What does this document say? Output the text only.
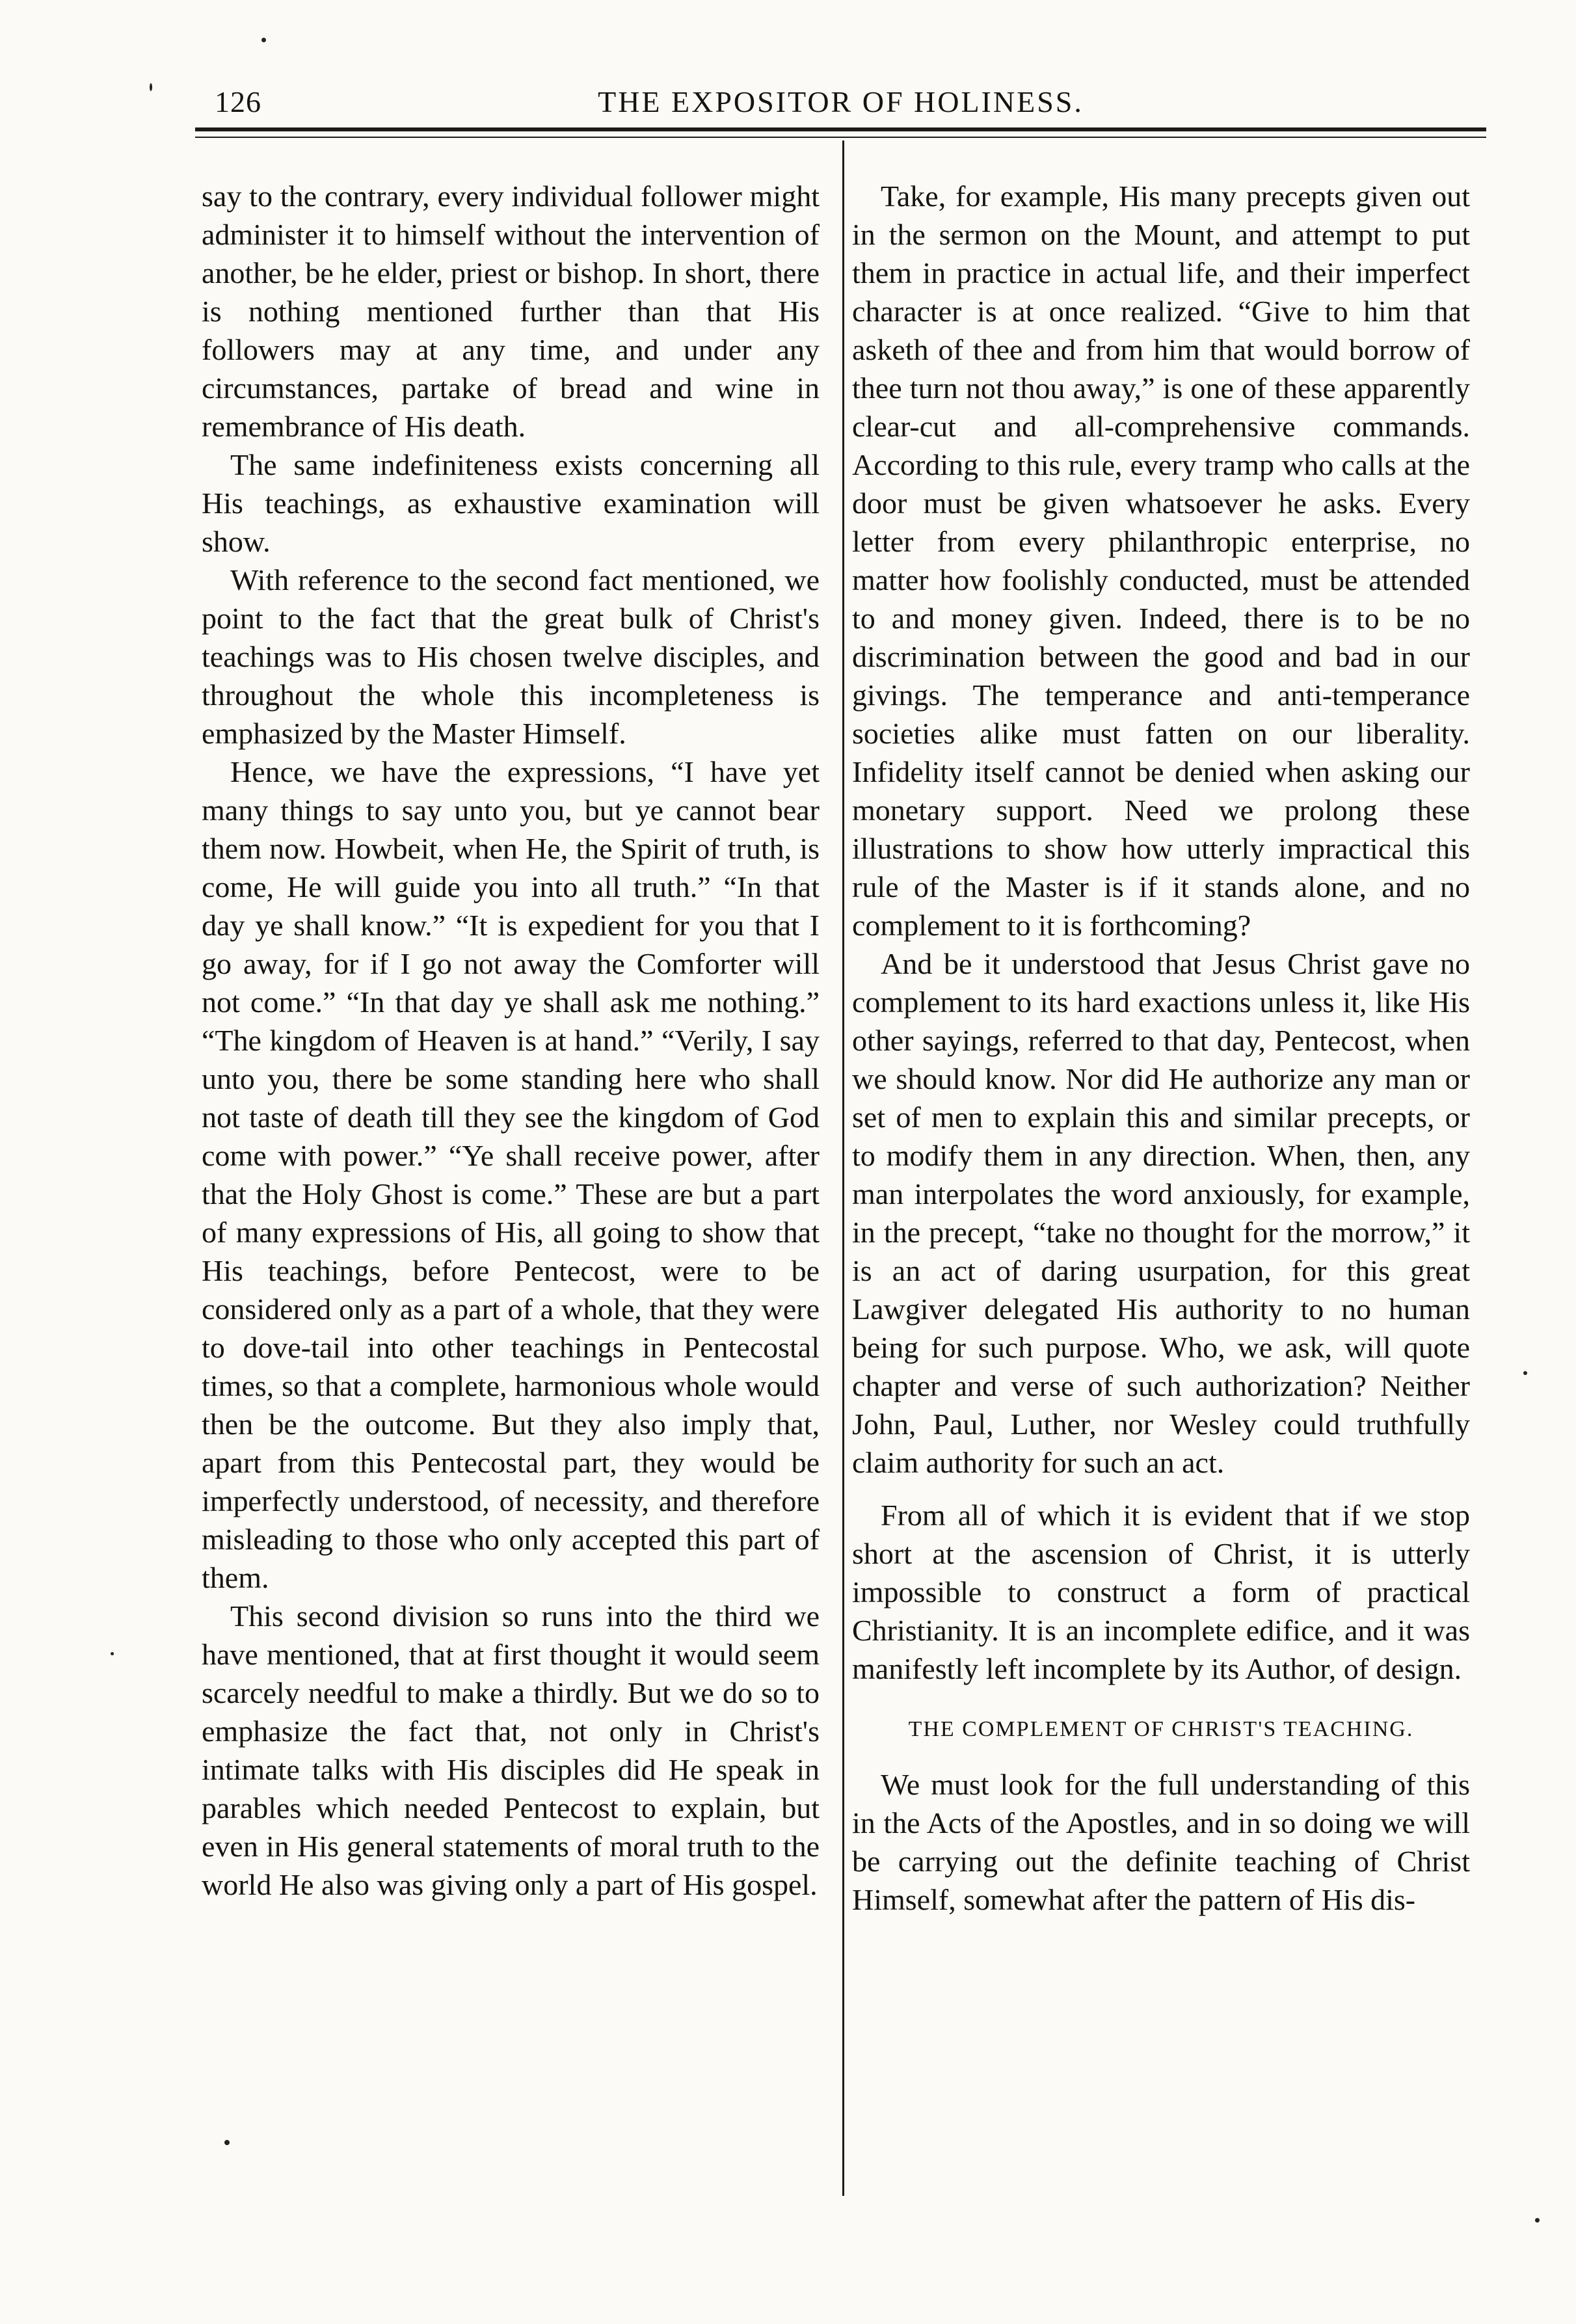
126	THE EXPOSITOR OF HOLINESS.

say to the contrary, every individual follower might administer it to himself without the intervention of another, be he elder, priest or bishop. In short, there is nothing mentioned further than that His followers may at any time, and under any circumstances, partake of bread and wine in remembrance of His death.

The same indefiniteness exists concerning all His teachings, as exhaustive examination will show.

With reference to the second fact mentioned, we point to the fact that the great bulk of Christ's teachings was to His chosen twelve disciples, and throughout the whole this incompleteness is emphasized by the Master Himself.

Hence, we have the expressions, “I have yet many things to say unto you, but ye cannot bear them now. Howbeit, when He, the Spirit of truth, is come, He will guide you into all truth.” “In that day ye shall know.” “It is expedient for you that I go away, for if I go not away the Comforter will not come.” “In that day ye shall ask me nothing.” “The kingdom of Heaven is at hand.” “Verily, I say unto you, there be some standing here who shall not taste of death till they see the kingdom of God come with power.” “Ye shall receive power, after that the Holy Ghost is come.” These are but a part of many expressions of His, all going to show that His teachings, before Pentecost, were to be considered only as a part of a whole, that they were to dove-tail into other teachings in Pentecostal times, so that a complete, harmonious whole would then be the outcome. But they also imply that, apart from this Pentecostal part, they would be imperfectly understood, of necessity, and therefore misleading to those who only accepted this part of them.

This second division so runs into the third we have mentioned, that at first thought it would seem scarcely needful to make a thirdly. But we do so to emphasize the fact that, not only in Christ's intimate talks with His disciples did He speak in parables which needed Pentecost to explain, but even in His general statements of moral truth to the world He also was giving only a part of His gospel.

Take, for example, His many precepts given out in the sermon on the Mount, and attempt to put them in practice in actual life, and their imperfect character is at once realized. “Give to him that asketh of thee and from him that would borrow of thee turn not thou away,” is one of these apparently clear-cut and all-comprehensive commands. According to this rule, every tramp who calls at the door must be given whatsoever he asks. Every letter from every philanthropic enterprise, no matter how foolishly conducted, must be attended to and money given. Indeed, there is to be no discrimination between the good and bad in our givings. The temperance and anti-temperance societies alike must fatten on our liberality. Infidelity itself cannot be denied when asking our monetary support. Need we prolong these illustrations to show how utterly impractical this rule of the Master is if it stands alone, and no complement to it is forthcoming?

And be it understood that Jesus Christ gave no complement to its hard exactions unless it, like His other sayings, referred to that day, Pentecost, when we should know. Nor did He authorize any man or set of men to explain this and similar precepts, or to modify them in any direction. When, then, any man interpolates the word anxiously, for example, in the precept, “take no thought for the morrow,” it is an act of daring usurpation, for this great Lawgiver delegated His authority to no human being for such purpose. Who, we ask, will quote chapter and verse of such authorization? Neither John, Paul, Luther, nor Wesley could truthfully claim authority for such an act.

From all of which it is evident that if we stop short at the ascension of Christ, it is utterly impossible to construct a form of practical Christianity. It is an incomplete edifice, and it was manifestly left incomplete by its Author, of design.

THE COMPLEMENT OF CHRIST'S TEACHING.

We must look for the full understanding of this in the Acts of the Apostles, and in so doing we will be carrying out the definite teaching of Christ Himself, somewhat after the pattern of His dis-
